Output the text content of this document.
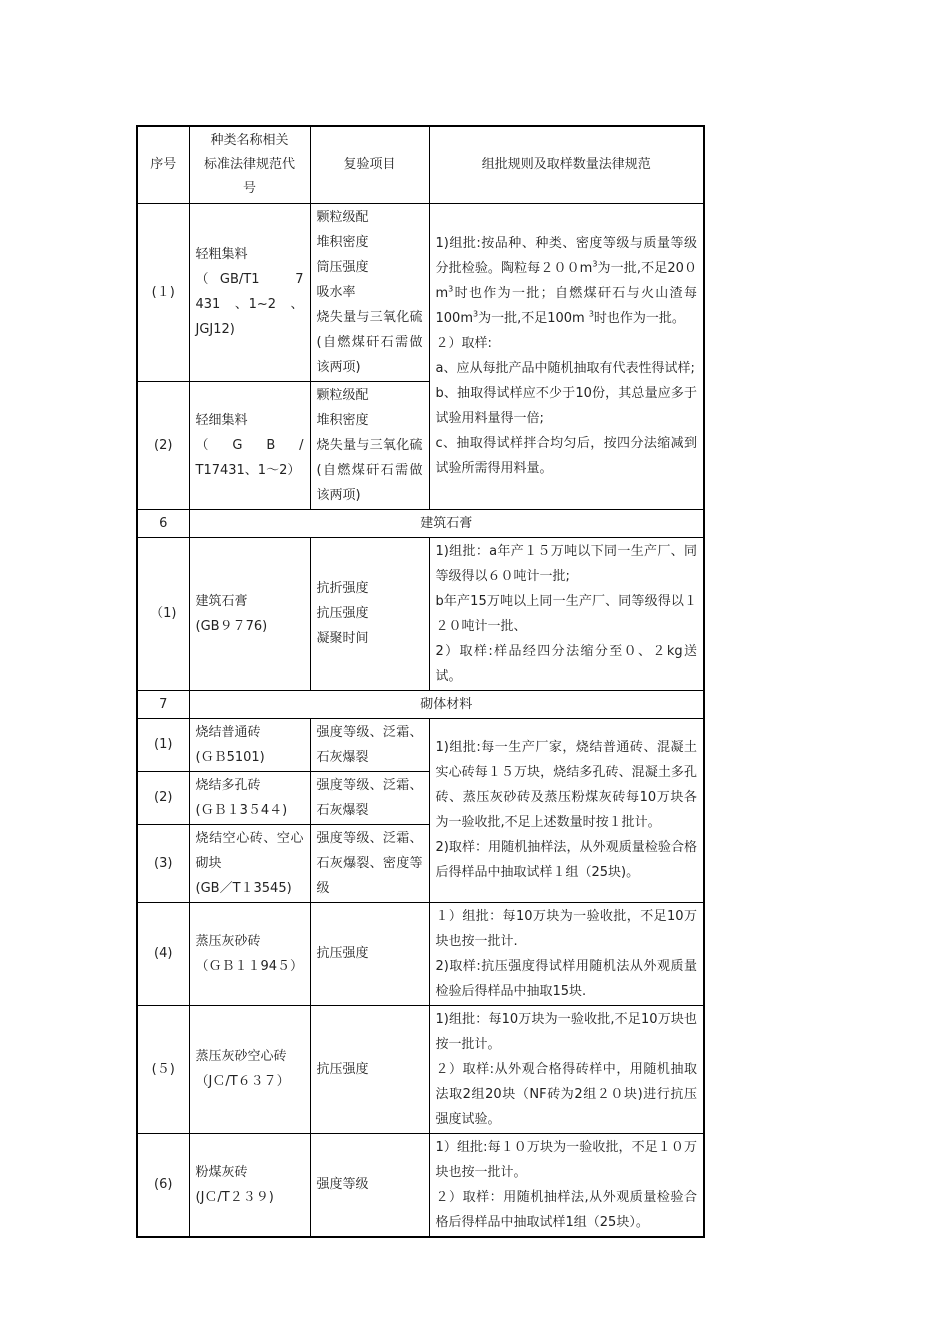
序号	种类名称相关
标准法律规范代
号	复验项目	组批规则及取样数量法律规范
(１)	轻粗集料
（GB/T1　7　431　、1~2　、JGJ12)	颗粒级配
堆积密度
筒压强度
吸水率
烧失量与三氧化硫(自燃煤矸石需做该两项)	1)组批:按品种、种类、密度等级与质量等级分批检验。陶粒每$200m^3$为一批,不足20０ $m^3$时也作为一批；自燃煤矸石与火山渣每$100m^3$为一批,不足100m $^3$时也作为一批。
２）取样:
a、应从每批产品中随机抽取有代表性得试样;
b、抽取得试样应不少于10份，其总量应多于试验用料量得一倍;
c、抽取得试样拌合均匀后，按四分法缩减到试验所需得用料量。
(2)	轻细集料
（　G　B　/　T17431、1～2）	颗粒级配
堆积密度
烧失量与三氧化硫(自燃煤矸石需做该两项)	
6	建筑石膏		
（1)	建筑石膏
(GB９７76)	抗折强度
抗压强度
凝聚时间	1)组批：a年产１５万吨以下同一生产厂、同等级得以６０吨计一批;
b年产15万吨以上同一生产厂、同等级得以１２０吨计一批、
2）取样:样品经四分法缩分至０、２kg送试。
7	砌体材料		
(1)	烧结普通砖
(ＧＢ5101)	强度等级、泛霜、石灰爆裂	1)组批:每一生产厂家，烧结普通砖、混凝土实心砖每１５万块，烧结多孔砖、混凝土多孔砖、蒸压灰砂砖及蒸压粉煤灰砖每10万块各为一验收批,不足上述数量时按１批计。
2)取样：用随机抽样法，从外观质量检验合格后得样品中抽取试样１组（25块)。
(2)	烧结多孔砖
(ＧＢ１3５4４)	强度等级、泛霜、石灰爆裂	
(3)	烧结空心砖、空心砌块
(GB／T１3545)	强度等级、泛霜、石灰爆裂、密度等级	
(4)	蒸压灰砂砖
（ＧＢ１１94５）	抗压强度	１）组批：每10万块为一验收批，不足10万块也按一批计.
2)取样:抗压强度得试样用随机法从外观质量检验后得样品中抽取15块.
(５)	蒸压灰砂空心砖
（JＣ/T６３７）	抗压强度	1)组批：每10万块为一验收批,不足10万块也按一批计。
２）取样:从外观合格得砖样中，用随机抽取法取2组20块（NF砖为2组２０块)进行抗压强度试验。
(6)	粉煤灰砖
(JＣ/T２３９)	强度等级	1）组批:每１０万块为一验收批，不足１０万块也按一批计。
２）取样：用随机抽样法,从外观质量检验合格后得样品中抽取试样1组（25块）。
